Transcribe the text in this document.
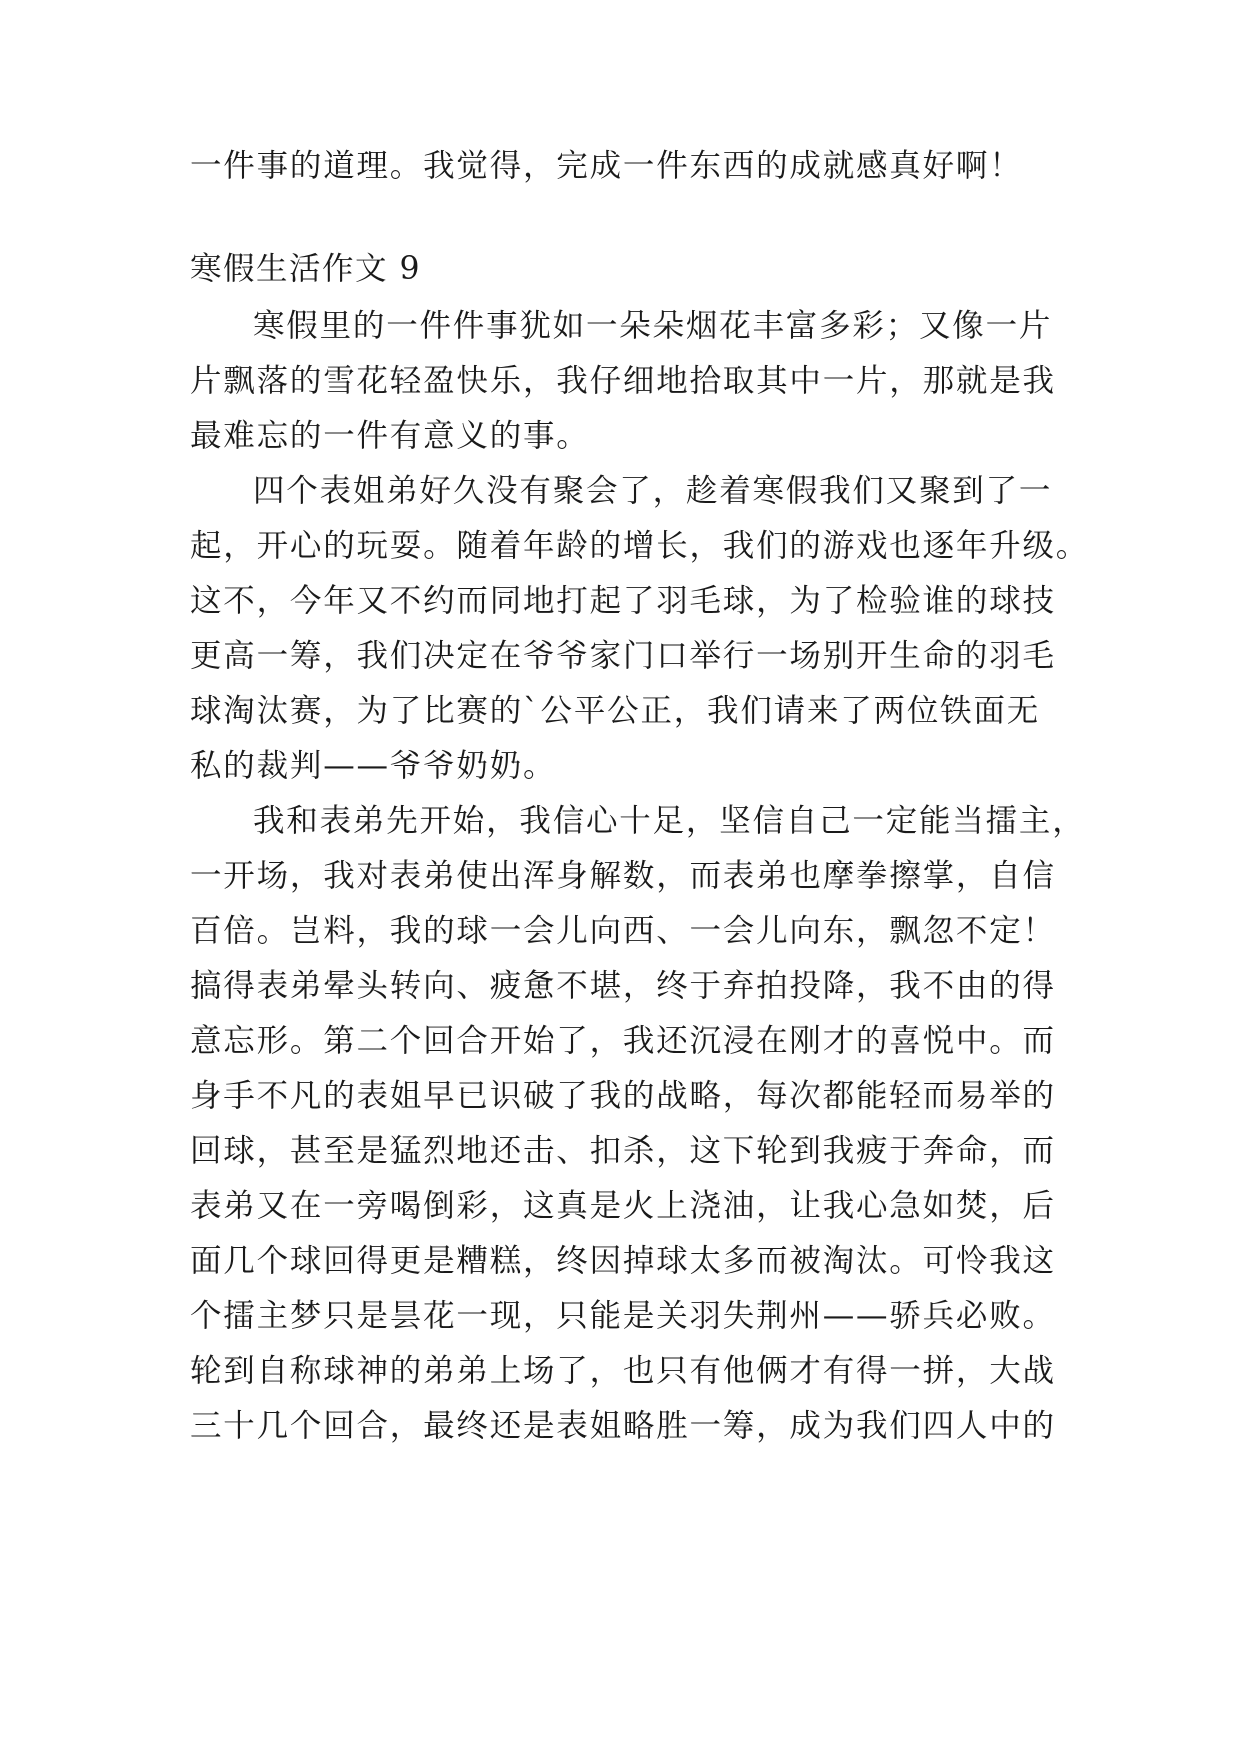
一件事的道理。我觉得，完成一件东西的成就感真好啊！
寒假生活作文 9
寒假里的一件件事犹如一朵朵烟花丰富多彩；又像一片
片飘落的雪花轻盈快乐，我仔细地拾取其中一片，那就是我
最难忘的一件有意义的事。
四个表姐弟好久没有聚会了，趁着寒假我们又聚到了一
起，开心的玩耍。随着年龄的增长，我们的游戏也逐年升级。
这不，今年又不约而同地打起了羽毛球，为了检验谁的球技
更高一筹，我们决定在爷爷家门口举行一场别开生命的羽毛
球淘汰赛，为了比赛的`公平公正，我们请来了两位铁面无
私的裁判——爷爷奶奶。
我和表弟先开始，我信心十足，坚信自己一定能当擂主，
一开场，我对表弟使出浑身解数，而表弟也摩拳擦掌，自信
百倍。岂料，我的球一会儿向西、一会儿向东，飘忽不定！
搞得表弟晕头转向、疲惫不堪，终于弃拍投降，我不由的得
意忘形。第二个回合开始了，我还沉浸在刚才的喜悦中。而
身手不凡的表姐早已识破了我的战略，每次都能轻而易举的
回球，甚至是猛烈地还击、扣杀，这下轮到我疲于奔命，而
表弟又在一旁喝倒彩，这真是火上浇油，让我心急如焚，后
面几个球回得更是糟糕，终因掉球太多而被淘汰。可怜我这
个擂主梦只是昙花一现，只能是关羽失荆州——骄兵必败。
轮到自称球神的弟弟上场了，也只有他俩才有得一拼，大战
三十几个回合，最终还是表姐略胜一筹，成为我们四人中的
